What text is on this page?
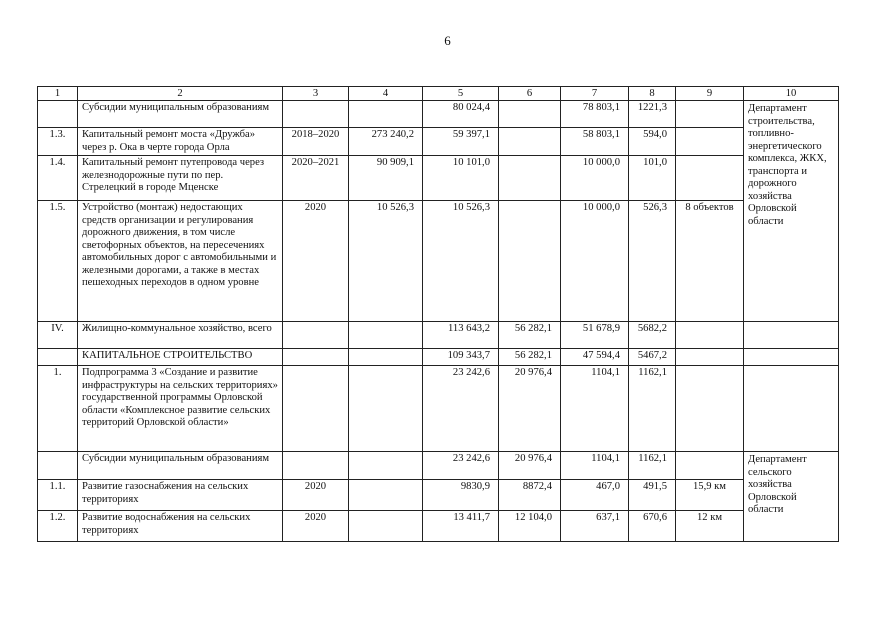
6
1	2	3	4	5	6	7	8	9	10
	Субсидии муниципальным образованиям			80 024,4		78 803,1	1221,3		Департамент строительства, топливно-энергетического комплекса, ЖКХ, транспорта и дорожного хозяйства Орловской области
1.3.	Капитальный ремонт моста «Дружба» через р. Ока в черте города Орла	2018–2020	273 240,2	59 397,1		58 803,1	594,0		
1.4.	Капитальный ремонт путепровода через железнодорожные пути по пер. Стрелецкий в городе Мценске	2020–2021	90 909,1	10 101,0		10 000,0	101,0		
1.5.	Устройство (монтаж) недостающих средств организации и регулирования дорожного движения, в том числе светофорных объектов, на пересечениях автомобильных дорог с автомобильными и железными дорогами, а также в местах пешеходных переходов в одном уровне	2020	10 526,3	10 526,3		10 000,0	526,3	8 объектов	
IV.	Жилищно-коммунальное хозяйство, всего			113 643,2	56 282,1	51 678,9	5682,2		
	КАПИТАЛЬНОЕ СТРОИТЕЛЬСТВО			109 343,7	56 282,1	47 594,4	5467,2		
1.	Подпрограмма 3 «Создание и развитие инфраструктуры на сельских территориях» государственной программы Орловской области «Комплексное развитие сельских территорий Орловской области»			23 242,6	20 976,4	1104,1	1162,1		
	Субсидии муниципальным образованиям			23 242,6	20 976,4	1104,1	1162,1		Департамент сельского хозяйства Орловской области
1.1.	Развитие газоснабжения на сельских территориях	2020		9830,9	8872,4	467,0	491,5	15,9 км	
1.2.	Развитие водоснабжения на сельских территориях	2020		13 411,7	12 104,0	637,1	670,6	12 км	
